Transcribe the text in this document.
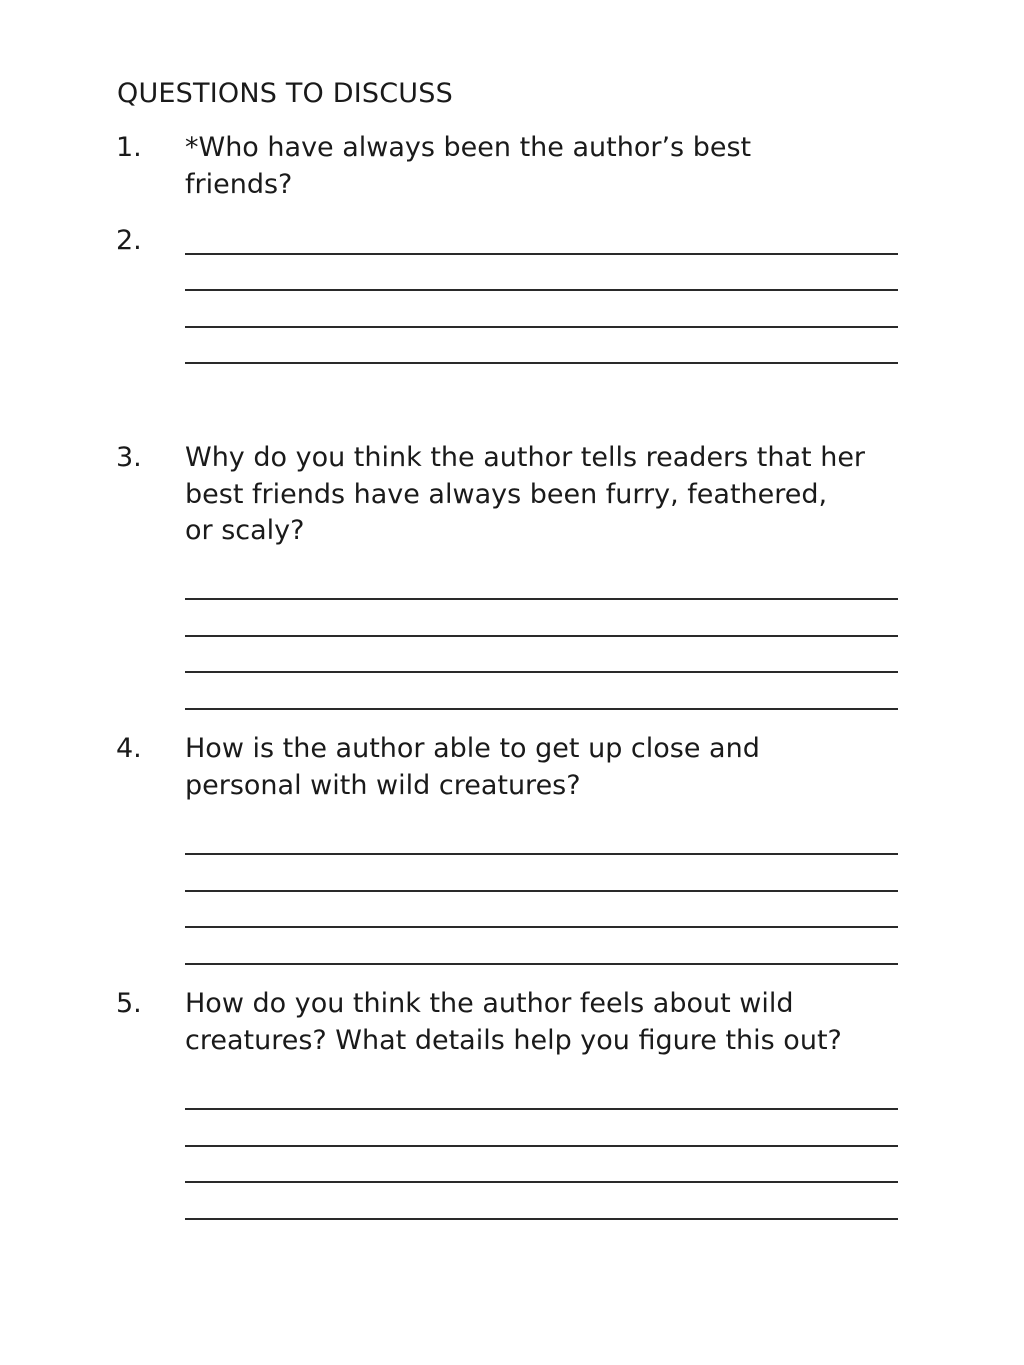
QUESTIONS TO DISCUSS
1. *Who have always been the author’s best
friends?
2.
3. Why do you think the author tells readers that her
best friends have always been furry, feathered,
or scaly?
4. How is the author able to get up close and
personal with wild creatures?
5. How do you think the author feels about wild
creatures? What details help you figure this out?
